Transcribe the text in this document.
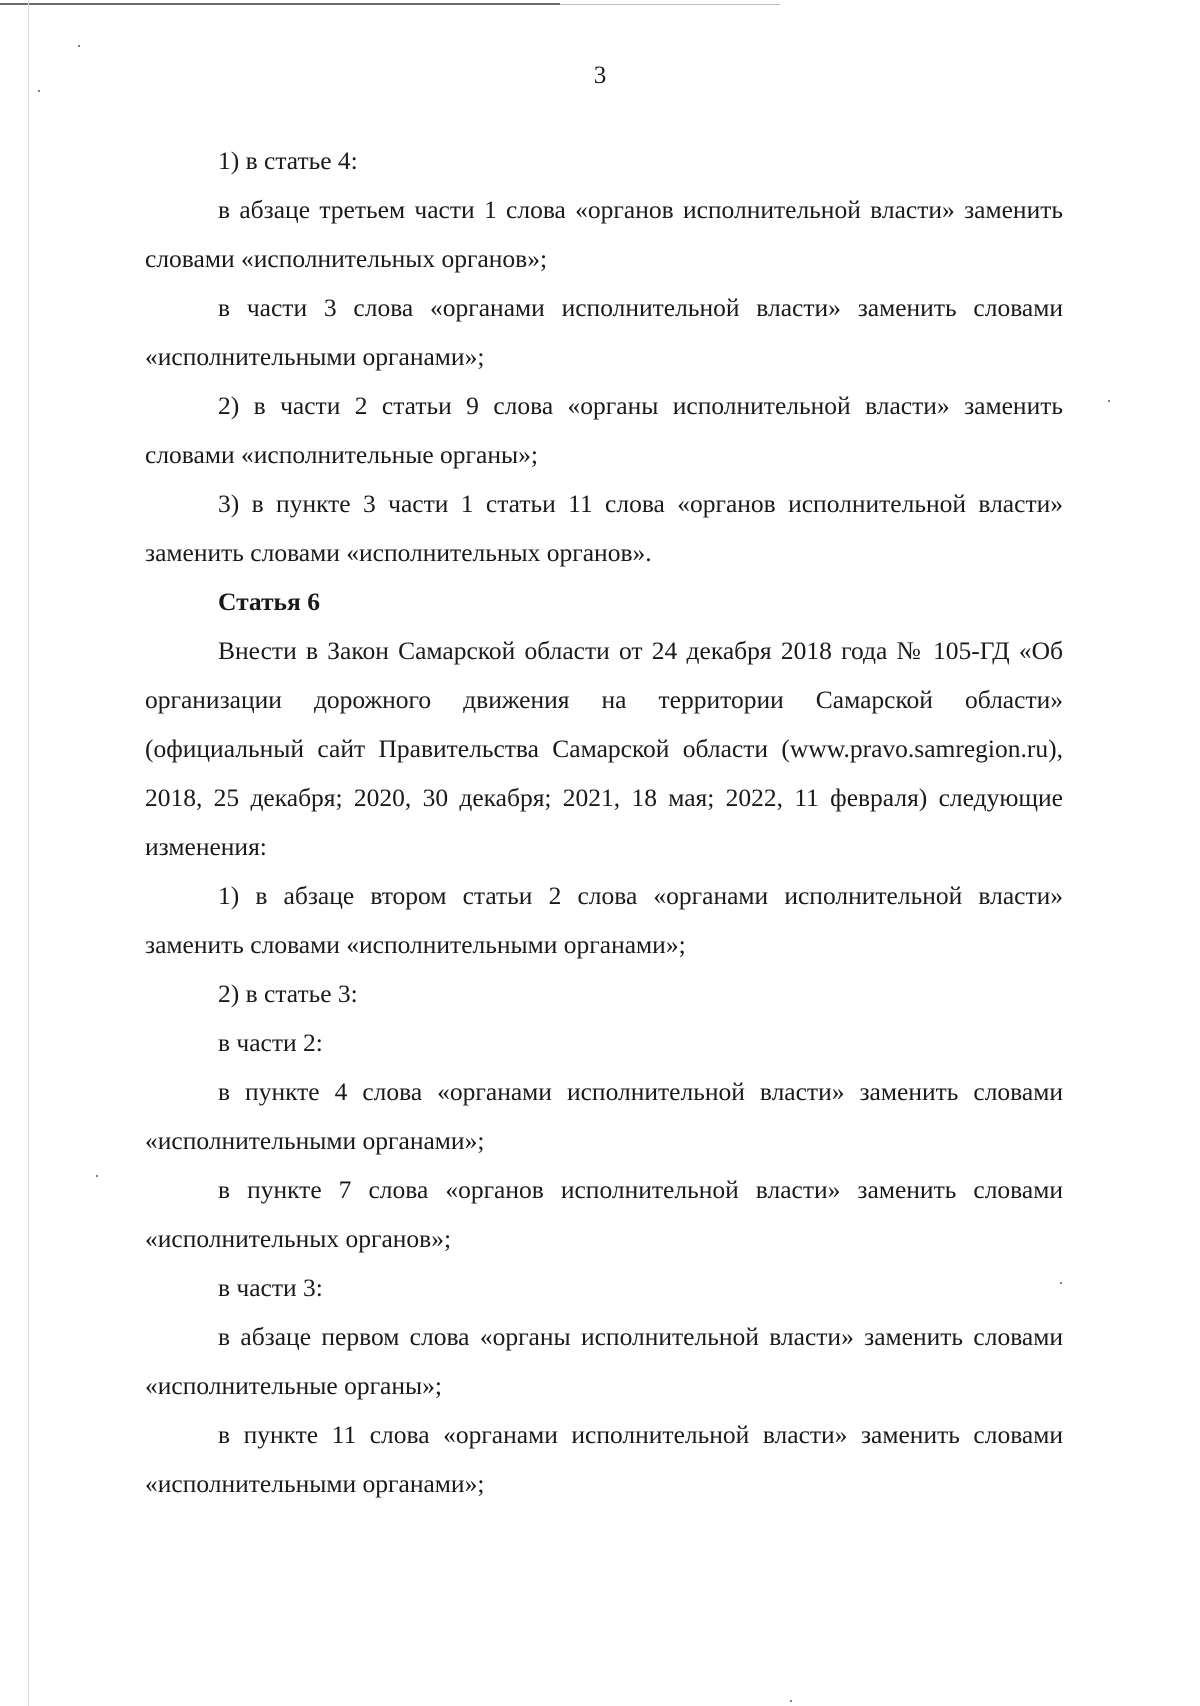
3

1) в статье 4:

в абзаце третьем части 1 слова «органов исполнительной власти» заменить словами «исполнительных органов»;

в части 3 слова «органами исполнительной власти» заменить словами «исполнительными органами»;

2) в части 2 статьи 9 слова «органы исполнительной власти» заменить словами «исполнительные органы»;

3) в пункте 3 части 1 статьи 11 слова «органов исполнительной власти» заменить словами «исполнительных органов».

Статья 6

Внести в Закон Самарской области от 24 декабря 2018 года № 105-ГД «Об организации дорожного движения на территории Самарской области» (официальный сайт Правительства Самарской области (www.pravo.samregion.ru), 2018, 25 декабря; 2020, 30 декабря; 2021, 18 мая; 2022, 11 февраля) следующие изменения:

1) в абзаце втором статьи 2 слова «органами исполнительной власти» заменить словами «исполнительными органами»;

2) в статье 3:

в части 2:

в пункте 4 слова «органами исполнительной власти» заменить словами «исполнительными органами»;

в пункте 7 слова «органов исполнительной власти» заменить словами «исполнительных органов»;

в части 3:

в абзаце первом слова «органы исполнительной власти» заменить словами «исполнительные органы»;

в пункте 11 слова «органами исполнительной власти» заменить словами «исполнительными органами»;
